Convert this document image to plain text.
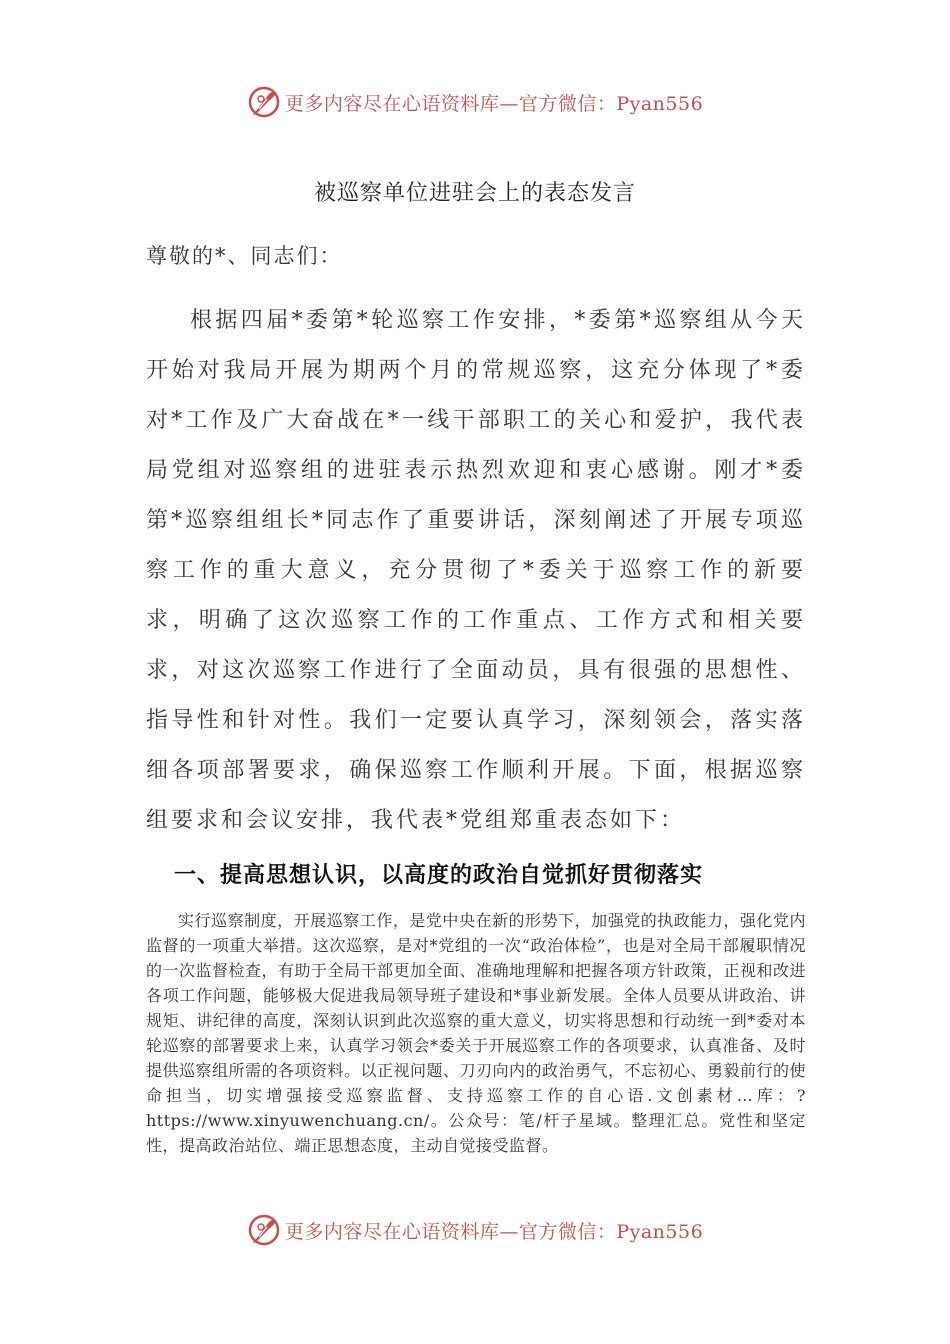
更多内容尽在心语资料库—官方微信：Pyan556
被巡察单位进驻会上的表态发言
尊敬的*、同志们：

根据四届*委第*轮巡察工作安排，*委第*巡察组从今天开始对我局开展为期两个月的常规巡察，这充分体现了*委对*工作及广大奋战在*一线干部职工的关心和爱护，我代表局党组对巡察组的进驻表示热烈欢迎和衷心感谢。刚才*委第*巡察组组长*同志作了重要讲话，深刻阐述了开展专项巡察工作的重大意义，充分贯彻了*委关于巡察工作的新要求，明确了这次巡察工作的工作重点、工作方式和相关要求，对这次巡察工作进行了全面动员，具有很强的思想性、指导性和针对性。我们一定要认真学习，深刻领会，落实落细各项部署要求，确保巡察工作顺利开展。下面，根据巡察组要求和会议安排，我代表*党组郑重表态如下：

一、提高思想认识，以高度的政治自觉抓好贯彻落实

实行巡察制度，开展巡察工作，是党中央在新的形势下，加强党的执政能力，强化党内监督的一项重大举措。这次巡察，是对*党组的一次“政治体检”，也是对全局干部履职情况的一次监督检查，有助于全局干部更加全面、准确地理解和把握各项方针政策，正视和改进各项工作问题，能够极大促进我局领导班子建设和*事业新发展。全体人员要从讲政治、讲规矩、讲纪律的高度，深刻认识到此次巡察的重大意义，切实将思想和行动统一到*委对本轮巡察的部署要求上来，认真学习领会*委关于开展巡察工作的各项要求，认真准备、及时提供巡察组所需的各项资料。以正视问题、刀刃向内的政治勇气，不忘初心、勇毅前行的使命担当，切实增强接受巡察监督、支持巡察工作的自心语.文创素材…库：?https://www.xinyuwenchuang.cn/。公众号：笔/杆子星域。整理汇总。党性和坚定性，提高政治站位、端正思想态度，主动自觉接受监督。

更多内容尽在心语资料库—官方微信：Pyan556
